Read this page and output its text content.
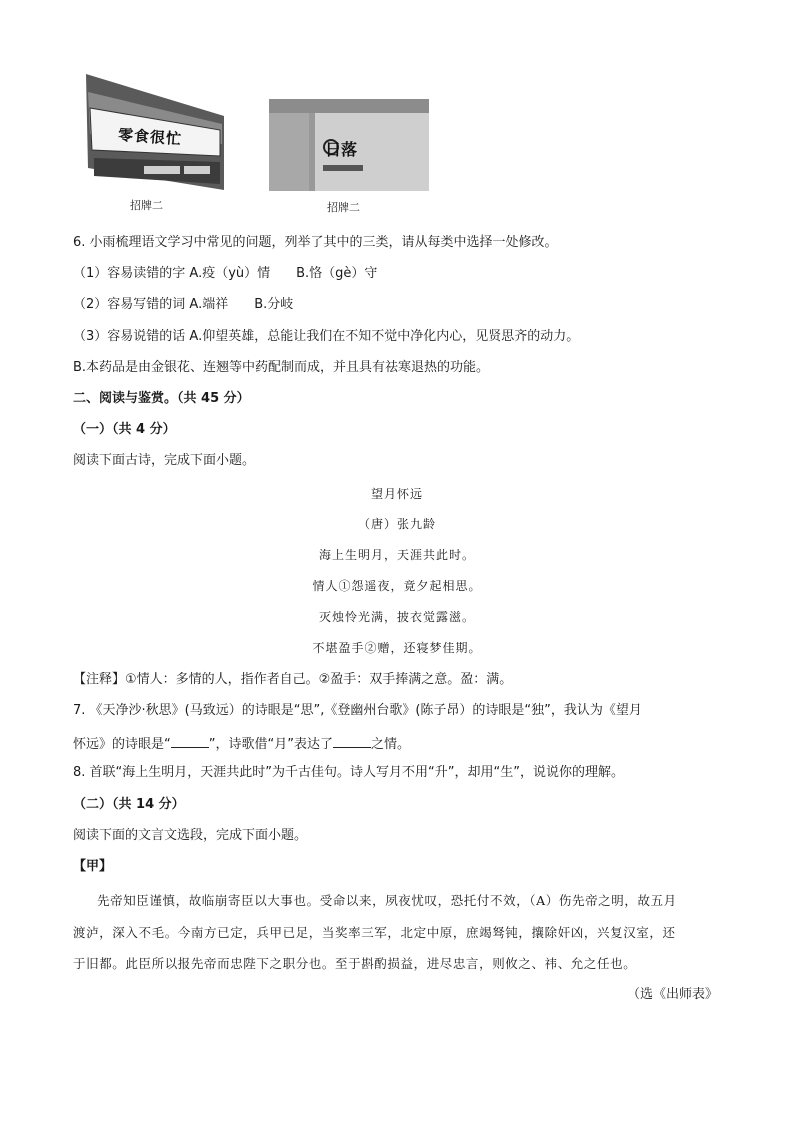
零食很忙
招牌二
日落
招牌二
6. 小雨梳理语文学习中常见的问题，列举了其中的三类，请从每类中选择一处修改。
（1）容易读错的字 A.疫（yù）情　　B.恪（gè）守
（2）容易写错的词 A.端祥　　B.分岐
（3）容易说错的话 A.仰望英雄，总能让我们在不知不觉中净化内心，见贤思齐的动力。
B.本药品是由金银花、连翘等中药配制而成，并且具有祛寒退热的功能。
二、阅读与鉴赏。（共 45 分）
（一）（共 4 分）
阅读下面古诗，完成下面小题。
望月怀远
（唐）张九龄
海上生明月，天涯共此时。
情人①怨遥夜，竟夕起相思。
灭烛怜光满，披衣觉露滋。
不堪盈手②赠，还寝梦佳期。
【注释】①情人：多情的人，指作者自己。②盈手：双手捧满之意。盈：满。
7. 《天净沙·秋思》(马致远）的诗眼是“思”,《登幽州台歌》(陈子昂）的诗眼是“独”，我认为《望月
怀远》的诗眼是“	”，诗歌借“月”表达了	之情。
8. 首联“海上生明月，天涯共此时”为千古佳句。诗人写月不用“升”，却用“生”，说说你的理解。
（二）（共 14 分）
阅读下面的文言文选段，完成下面小题。
【甲】
先帝知臣谨慎，故临崩寄臣以大事也。受命以来，夙夜忧叹，恐托付不效，（A）伤先帝之明，故五月
渡泸，深入不毛。今南方已定，兵甲已足，当奖率三军，北定中原，庶竭驽钝，攘除奸凶，兴复汉室，还
于旧都。此臣所以报先帝而忠陛下之职分也。至于斟酌损益，进尽忠言，则攸之、祎、允之任也。
（选《出师表》
